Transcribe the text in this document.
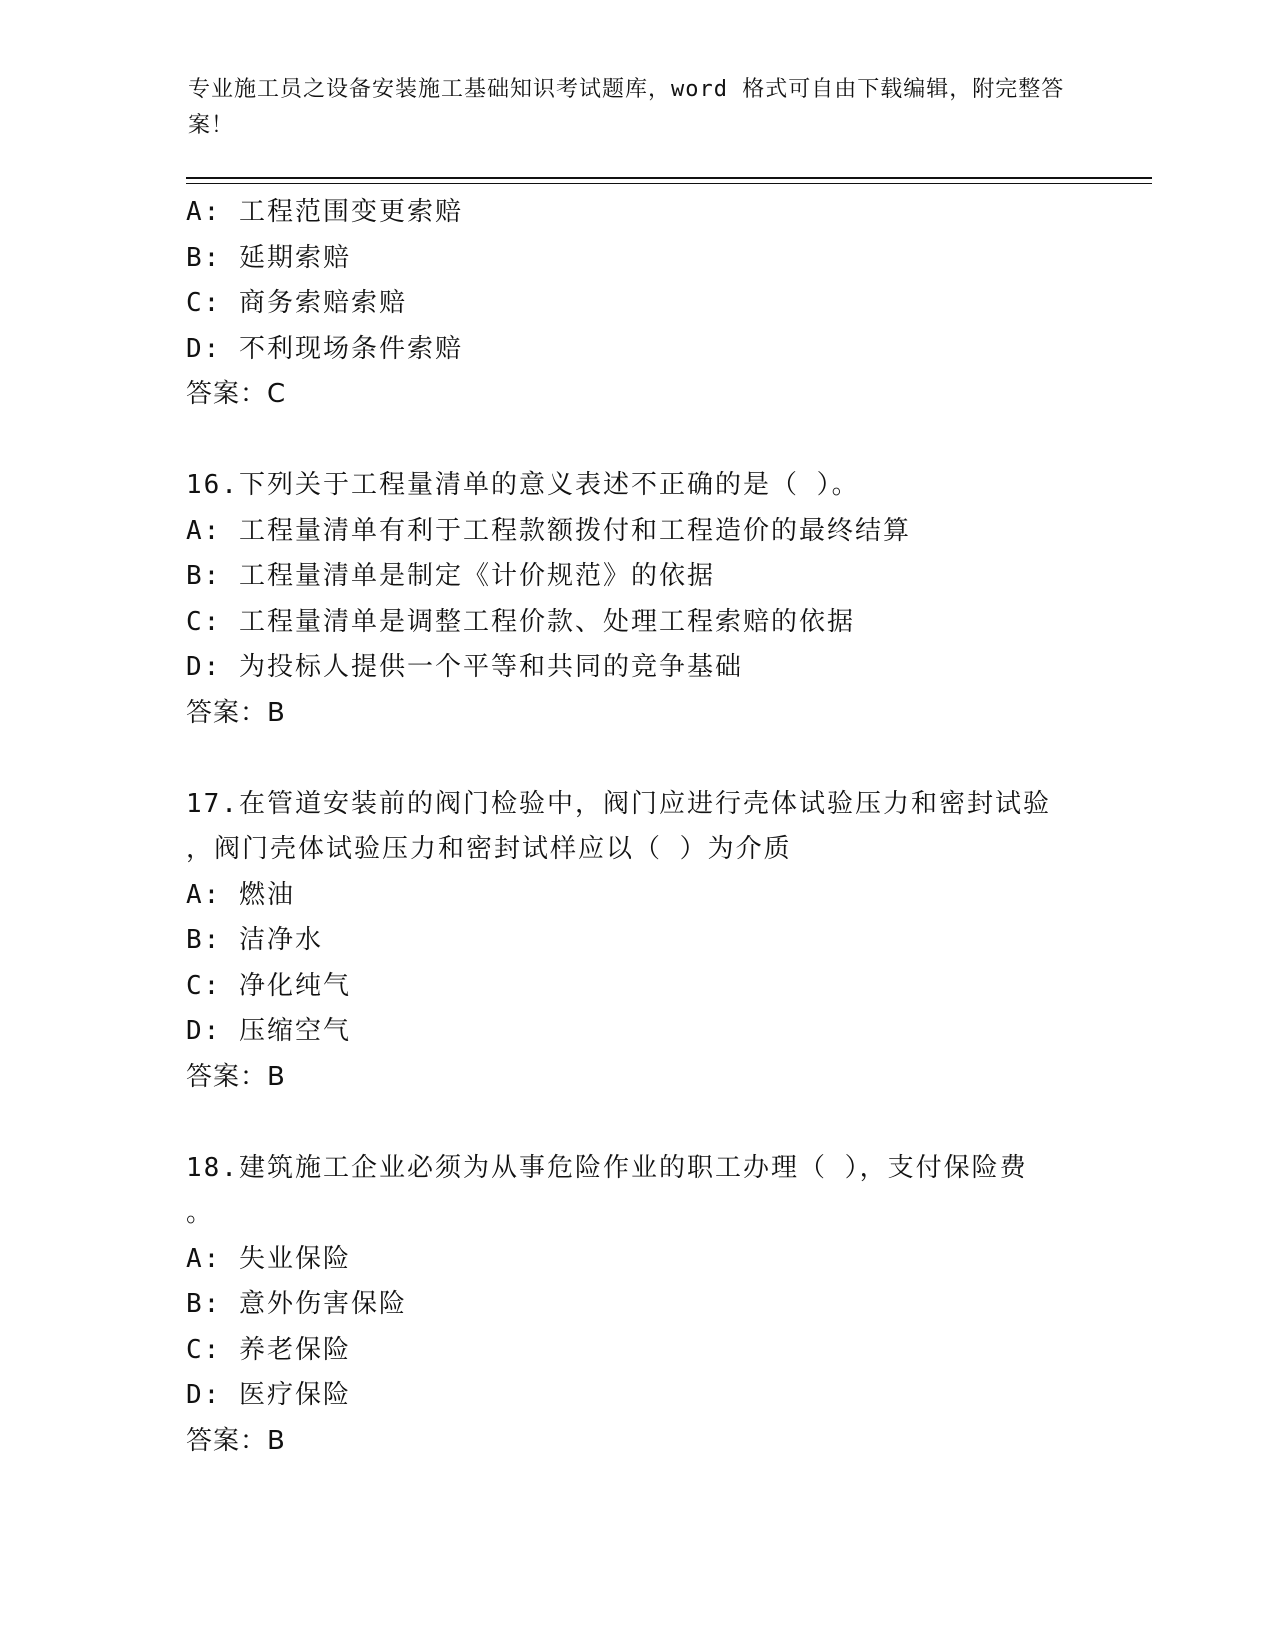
专业施工员之设备安装施工基础知识考试题库，word 格式可自由下载编辑，附完整答案！
A: 工程范围变更索赔
B: 延期索赔
C: 商务索赔索赔
D: 不利现场条件索赔
答案：C
16.下列关于工程量清单的意义表述不正确的是（ ）。
A: 工程量清单有利于工程款额拨付和工程造价的最终结算
B: 工程量清单是制定《计价规范》的依据
C: 工程量清单是调整工程价款、处理工程索赔的依据
D: 为投标人提供一个平等和共同的竞争基础
答案：B
17.在管道安装前的阀门检验中，阀门应进行壳体试验压力和密封试验
，阀门壳体试验压力和密封试样应以（ ）为介质
A: 燃油
B: 洁净水
C: 净化纯气
D: 压缩空气
答案：B
18.建筑施工企业必须为从事危险作业的职工办理（ ），支付保险费
。
A: 失业保险
B: 意外伤害保险
C: 养老保险
D: 医疗保险
答案：B
